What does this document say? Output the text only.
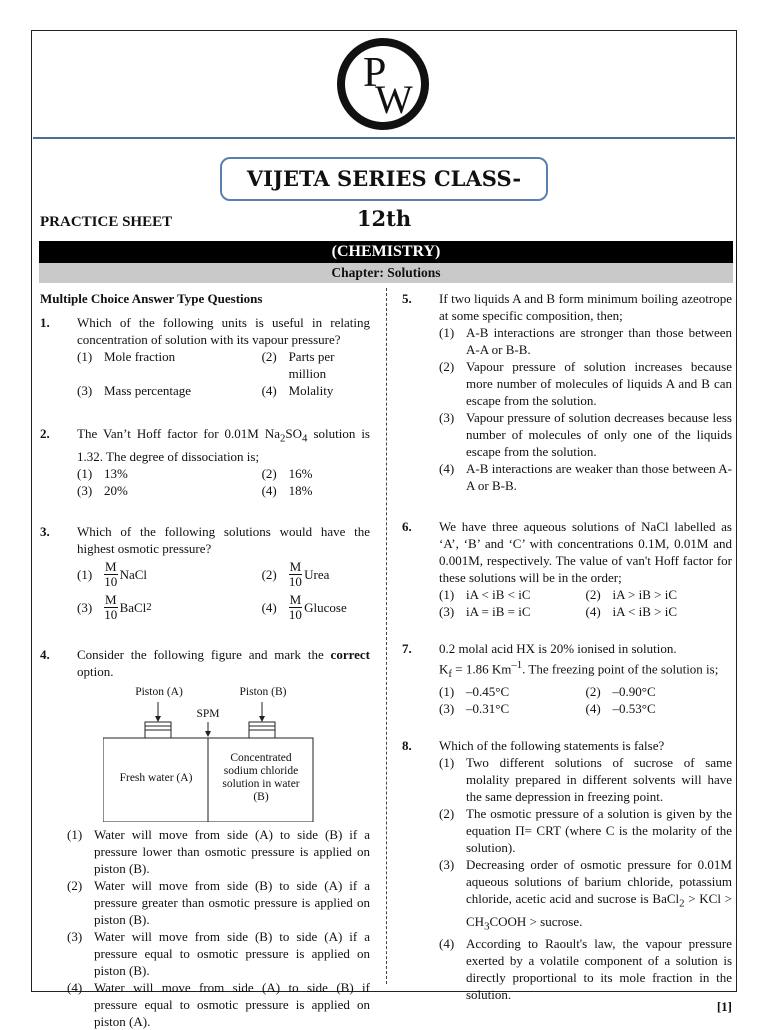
P
W
VIJETA SERIES CLASS-12th
PRACTICE SHEET
(CHEMISTRY)
Chapter: Solutions
Multiple Choice Answer Type Questions
1. Which of the following units is useful in relating concentration of solution with its vapour pressure?
(1) Mole fraction	(2) Parts per million
(3) Mass percentage	(4) Molality
2. The Van’t Hoff factor for 0.01M $Na_2SO_4$ solution is 1.32. The degree of dissociation is;
(1) 13%	(2) 16%
(3) 20%	(4) 18%
3. Which of the following solutions would have the highest osmotic pressure?
$(1) \frac{M}{10}$ NaCl	$(2) \frac{M}{10}$ Urea
$(3) \frac{M}{10}$ BaCl 2	$(4) \frac{M}{10}$ Glucose
4. Consider the following figure and mark the correct option.
Piston (A)	Piston (B)
SPM
Fresh water (A)
Concentrated sodium chloride solution in water (B)
(1) Water will move from side (A) to side (B) if a pressure lower than osmotic pressure is applied on piston (B).
(2) Water will move from side (B) to side (A) if a pressure greater than osmotic pressure is applied on piston (B).
(3) Water will move from side (B) to side (A) if a pressure equal to osmotic pressure is applied on piston (B).
(4) Water will move from side (A) to side (B) if pressure equal to osmotic pressure is applied on piston (A).
5. If two liquids A and B form minimum boiling azeotrope at some specific composition, then;
(1) A-B interactions are stronger than those between A-A or B-B.
(2) Vapour pressure of solution increases because more number of molecules of liquids A and B can escape from the solution.
(3) Vapour pressure of solution decreases because less number of molecules of only one of the liquids escape from the solution.
(4) A-B interactions are weaker than those between A-A or B-B.
6. We have three aqueous solutions of NaCl labelled as ‘A’, ‘B’ and ‘C’ with concentrations 0.1M, 0.01M and 0.001M, respectively. The value of van't Hoff factor for these solutions will be in the order;
(1) iA < iB < iC	(2) iA > iB > iC
(3) iA = iB = iC	(4) iA < iB > iC
7. 0.2 molal acid HX is 20% ionised in solution.
$K_f = 1.86$ $Km^{-1}$. The freezing point of the solution is;
(1) –0.45°C	(2) –0.90°C
(3) –0.31°C	(4) –0.53°C
8. Which of the following statements is false?
(1) Two different solutions of sucrose of same molality prepared in different solvents will have the same depression in freezing point.
(2) The osmotic pressure of a solution is given by the equation Π= CRT (where C is the molarity of the solution).
(3) Decreasing order of osmotic pressure for 0.01M aqueous solutions of barium chloride, potassium chloride, acetic acid and sucrose is BaCl$_2$ > KCl > $CH_3COOH$ > sucrose.
(4) According to Raoult's law, the vapour pressure exerted by a volatile component of a solution is directly proportional to its mole fraction in the solution.
[1]
